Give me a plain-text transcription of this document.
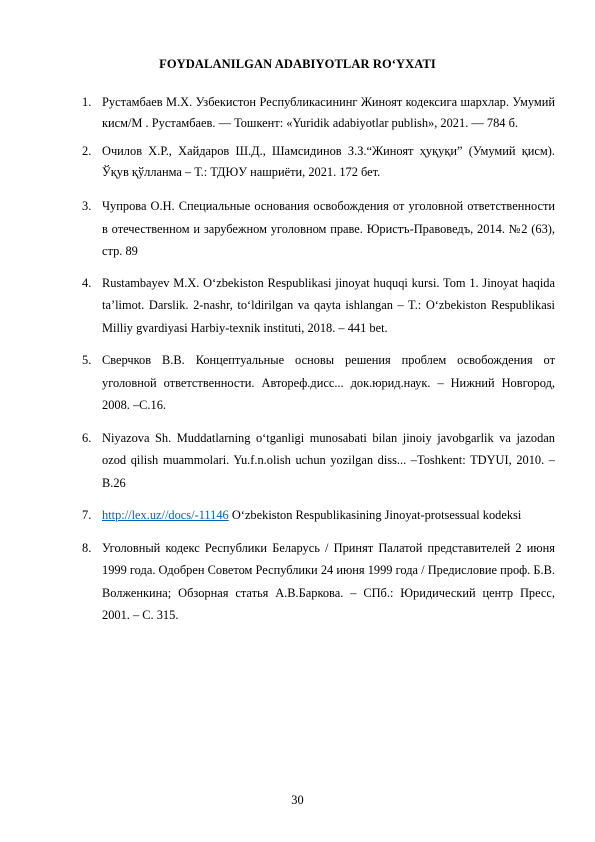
FOYDALANILGAN ADABIYOTLAR RO‘YXATI
1. Рустамбаев М.Х. Узбекистон Республикасининг Жиноят кодексига шархлар. Умумий кисм/М . Рустамбаев. — Тошкент: «Yuridik adabiyotlar publish», 2021. — 784 б.
2. Очилов Х.Р., Хайдаров Ш.Д., Шамсидинов З.З.“Жиноят ҳуқуқи” (Умумий қисм). Ўқув қўлланма – Т.: ТДЮУ нашриёти, 2021. 172 бет.
3. Чупрова О.Н. Специальные основания освобождения от уголовной ответственности в отечественном и зарубежном уголовном праве. Юристъ-Правоведъ, 2014. №2 (63), стр. 89
4. Rustambayev M.X. O‘zbekiston Respublikasi jinoyat huquqi kursi. Tom 1. Jinoyat haqida ta’limot. Darslik. 2-nashr, to‘ldirilgan va qayta ishlangan – T.: O‘zbekiston Respublikasi Milliy gvardiyasi Harbiy-texnik instituti, 2018. – 441 bet.
5. Сверчков В.В. Концептуальные основы решения проблем освобождения от уголовной ответственности. Автореф.дисс... док.юрид.наук. – Нижний Новгород, 2008. –С.16.
6. Niyazova Sh. Muddatlarning o‘tganligi munosabati bilan jinoiy javobgarlik va jazodan ozod qilish muammolari. Yu.f.n.olish uchun yozilgan diss... –Toshkent: TDYUI, 2010. – B.26
7. http://lex.uz//docs/-11146 O‘zbekiston Respublikasining Jinoyat-protsessual kodeksi
8. Уголовный кодекс Республики Беларусь / Принят Палатой представителей 2 июня 1999 года. Одобрен Советом Республики 24 июня 1999 года / Предисловие проф. Б.В. Волженкина; Обзорная статья А.В.Баркова. – СПб.: Юридический центр Пресс, 2001. – С. 315.
30
